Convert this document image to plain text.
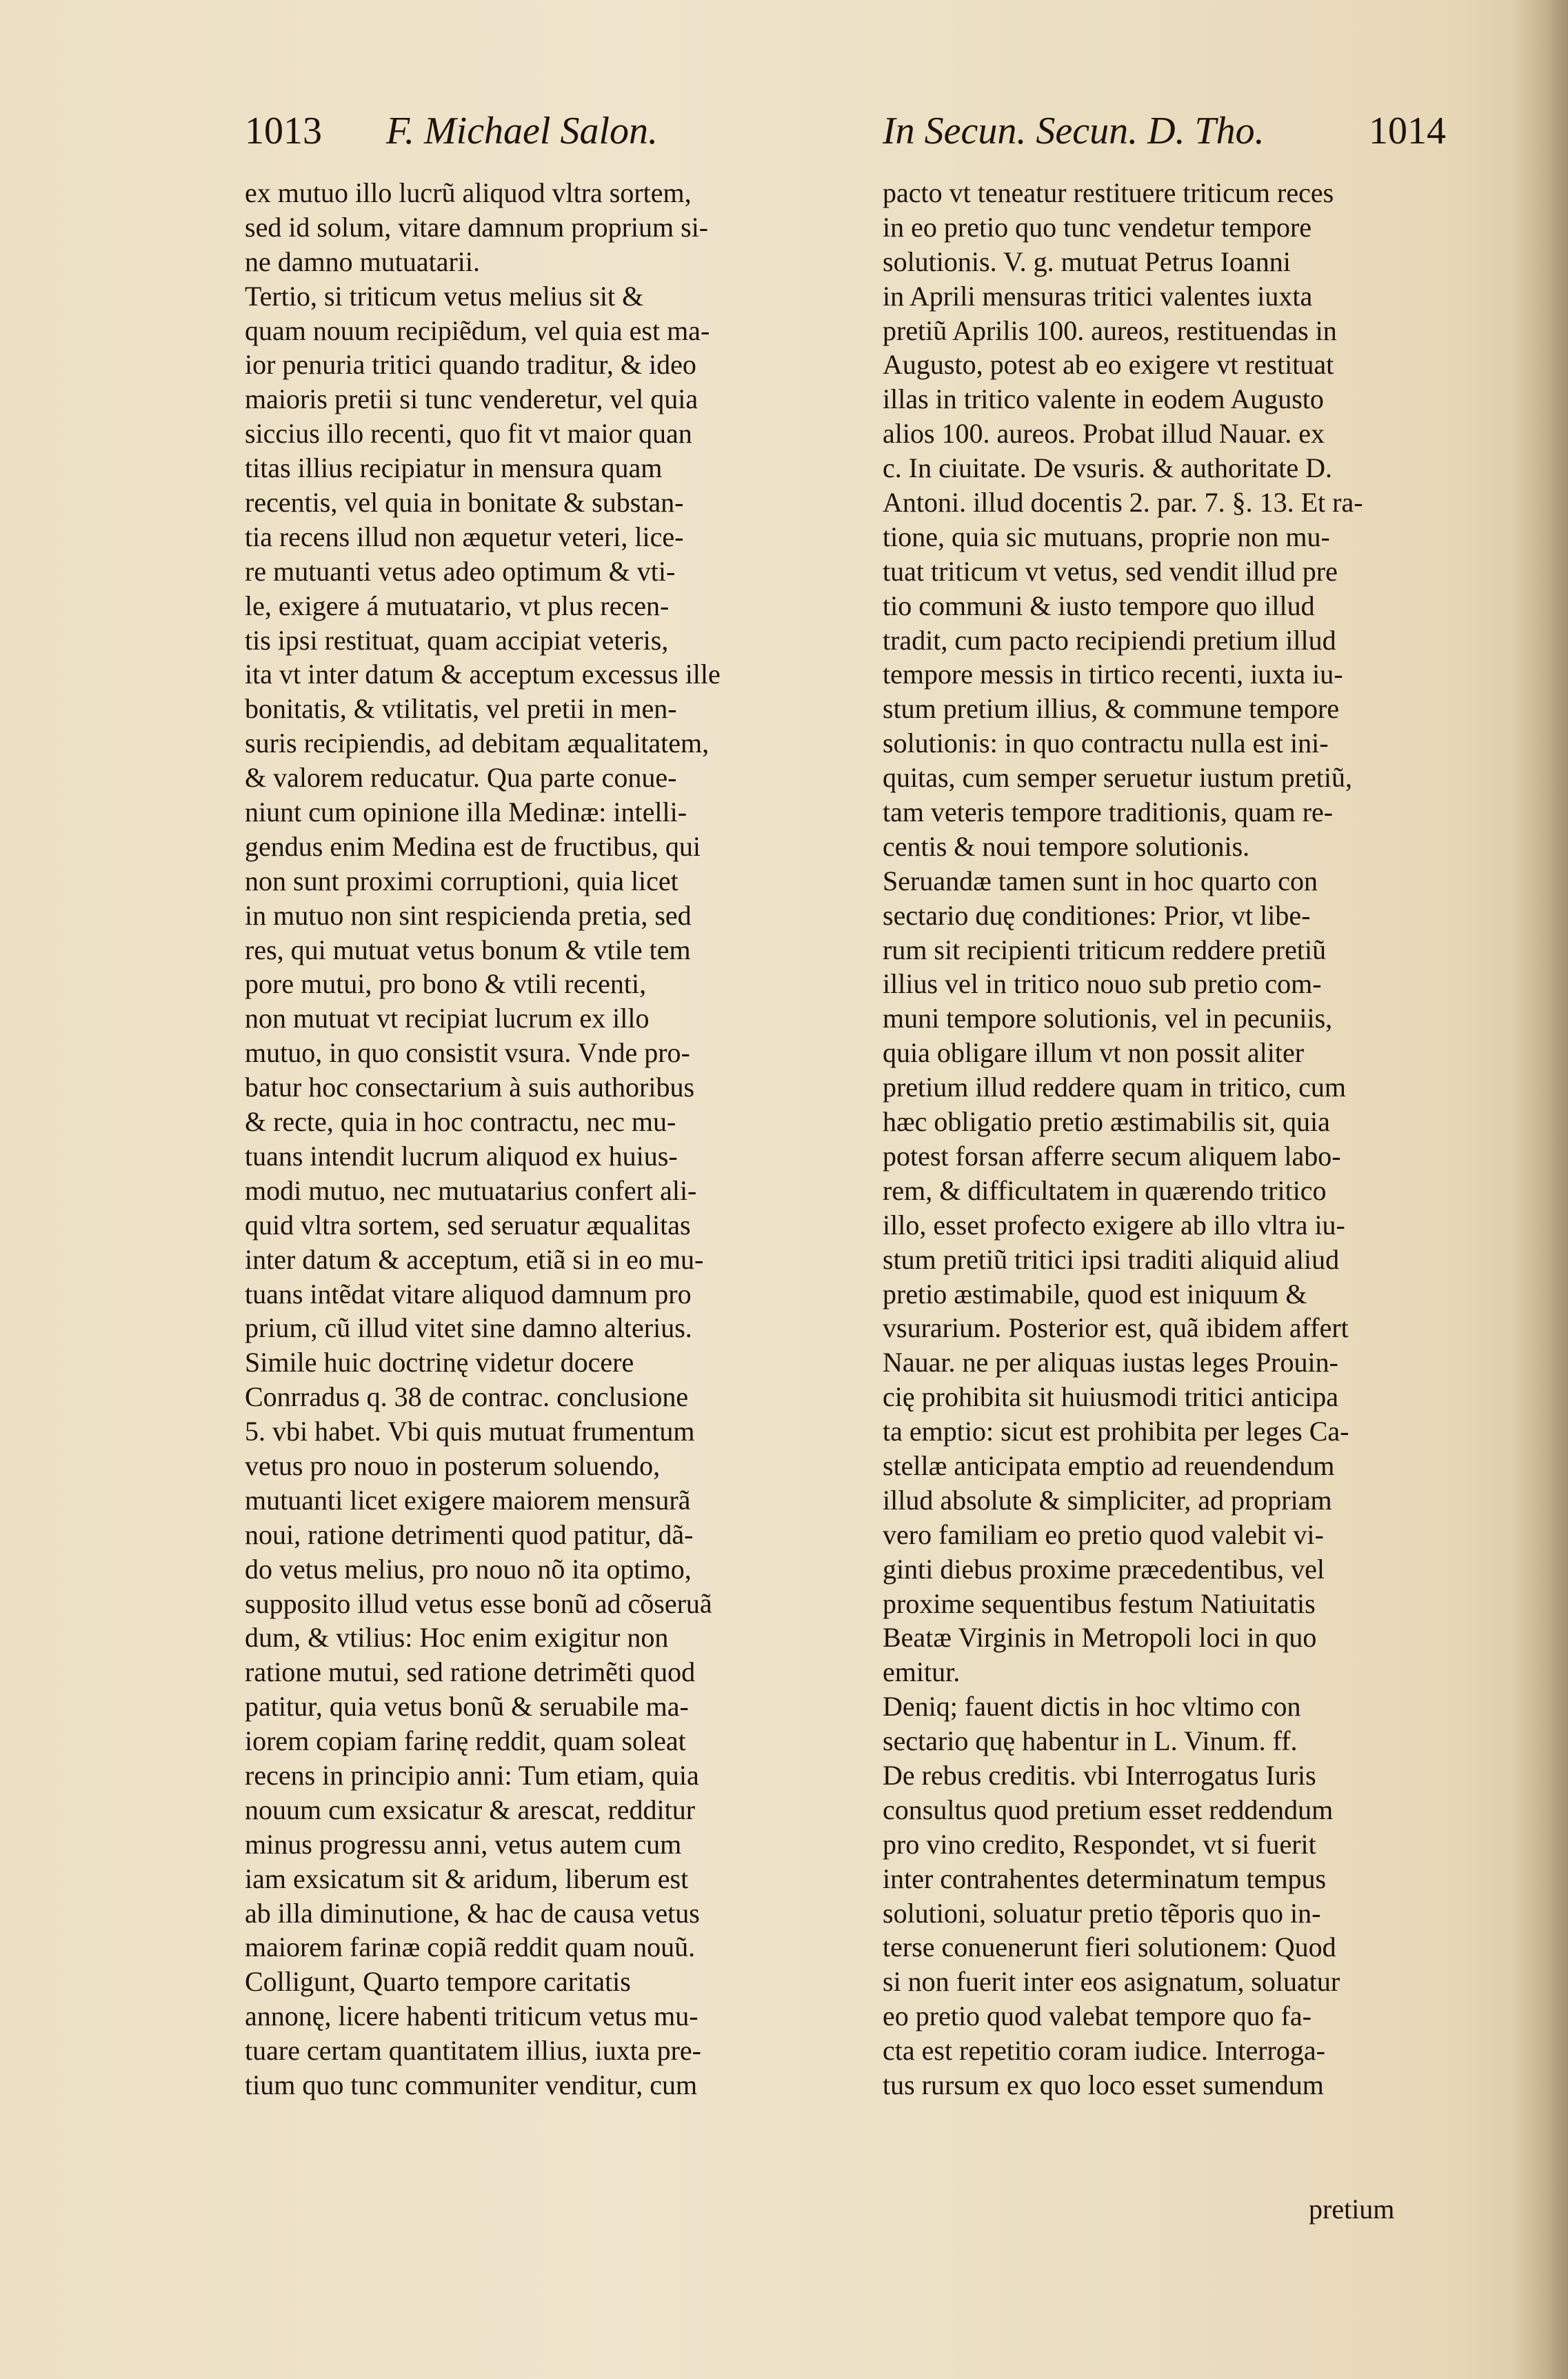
1013 F. Michael Salon.	In Secun. Secun. D. Tho.	1014
ex mutuo illo lucrũ aliquod vltra sortem,
sed id solum, vitare damnum proprium si-
ne damno mutuatarii.
Tertio, si triticum vetus melius sit &
quam nouum recipiẽdum, vel quia est ma-
ior penuria tritici quando traditur, & ideo
maioris pretii si tunc venderetur, vel quia
siccius illo recenti, quo fit vt maior quan
titas illius recipiatur in mensura quam
recentis, vel quia in bonitate & substan-
tia recens illud non æquetur veteri, lice-
re mutuanti vetus adeo optimum & vti-
le, exigere á mutuatario, vt plus recen-
tis ipsi restituat, quam accipiat veteris,
ita vt inter datum & acceptum excessus ille
bonitatis, & vtilitatis, vel pretii in men-
suris recipiendis, ad debitam æqualitatem,
& valorem reducatur. Qua parte conue-
niunt cum opinione illa Medinæ: intelli-
gendus enim Medina est de fructibus, qui
non sunt proximi corruptioni, quia licet
in mutuo non sint respicienda pretia, sed
res, qui mutuat vetus bonum & vtile tem
pore mutui, pro bono & vtili recenti,
non mutuat vt recipiat lucrum ex illo
mutuo, in quo consistit vsura. Vnde pro-
batur hoc consectarium à suis authoribus
& recte, quia in hoc contractu, nec mu-
tuans intendit lucrum aliquod ex huius-
modi mutuo, nec mutuatarius confert ali-
quid vltra sortem, sed seruatur æqualitas
inter datum & acceptum, etiã si in eo mu-
tuans intẽdat vitare aliquod damnum pro
prium, cũ illud vitet sine damno alterius.
Simile huic doctrinę videtur docere
Conrradus q. 38 de contrac. conclusione
5. vbi habet. Vbi quis mutuat frumentum
vetus pro nouo in posterum soluendo,
mutuanti licet exigere maiorem mensurã
noui, ratione detrimenti quod patitur, dã-
do vetus melius, pro nouo nõ ita optimo,
supposito illud vetus esse bonũ ad cõseruã
dum, & vtilius: Hoc enim exigitur non
ratione mutui, sed ratione detrimẽti quod
patitur, quia vetus bonũ & seruabile ma-
iorem copiam farinę reddit, quam soleat
recens in principio anni: Tum etiam, quia
nouum cum exsicatur & arescat, redditur
minus progressu anni, vetus autem cum
iam exsicatum sit & aridum, liberum est
ab illa diminutione, & hac de causa vetus
maiorem farinæ copiã reddit quam nouũ.
Colligunt, Quarto tempore caritatis
annonę, licere habenti triticum vetus mu-
tuare certam quantitatem illius, iuxta pre-
tium quo tunc communiter venditur, cum
pacto vt teneatur restituere triticum reces
in eo pretio quo tunc vendetur tempore
solutionis. V. g. mutuat Petrus Ioanni
in Aprili mensuras tritici valentes iuxta
pretiũ Aprilis 100. aureos, restituendas in
Augusto, potest ab eo exigere vt restituat
illas in tritico valente in eodem Augusto
alios 100. aureos. Probat illud Nauar. ex
c. In ciuitate. De vsuris. & authoritate D.
Antoni. illud docentis 2. par. 7. §. 13. Et ra-
tione, quia sic mutuans, proprie non mu-
tuat triticum vt vetus, sed vendit illud pre
tio communi & iusto tempore quo illud
tradit, cum pacto recipiendi pretium illud
tempore messis in tirtico recenti, iuxta iu-
stum pretium illius, & commune tempore
solutionis: in quo contractu nulla est ini-
quitas, cum semper seruetur iustum pretiũ,
tam veteris tempore traditionis, quam re-
centis & noui tempore solutionis.
Seruandæ tamen sunt in hoc quarto con
sectario duę conditiones: Prior, vt libe-
rum sit recipienti triticum reddere pretiũ
illius vel in tritico nouo sub pretio com-
muni tempore solutionis, vel in pecuniis,
quia obligare illum vt non possit aliter
pretium illud reddere quam in tritico, cum
hæc obligatio pretio æstimabilis sit, quia
potest forsan afferre secum aliquem labo-
rem, & difficultatem in quærendo tritico
illo, esset profecto exigere ab illo vltra iu-
stum pretiũ tritici ipsi traditi aliquid aliud
pretio æstimabile, quod est iniquum &
vsurarium. Posterior est, quã ibidem affert
Nauar. ne per aliquas iustas leges Prouin-
cię prohibita sit huiusmodi tritici anticipa
ta emptio: sicut est prohibita per leges Ca-
stellæ anticipata emptio ad reuendendum
illud absolute & simpliciter, ad propriam
vero familiam eo pretio quod valebit vi-
ginti diebus proxime præcedentibus, vel
proxime sequentibus festum Natiuitatis
Beatæ Virginis in Metropoli loci in quo
emitur.
Deniq; fauent dictis in hoc vltimo con
sectario quę habentur in L. Vinum. ff.
De rebus creditis. vbi Interrogatus Iuris
consultus quod pretium esset reddendum
pro vino credito, Respondet, vt si fuerit
inter contrahentes determinatum tempus
solutioni, soluatur pretio tẽporis quo in-
terse conuenerunt fieri solutionem: Quod
si non fuerit inter eos asignatum, soluatur
eo pretio quod valebat tempore quo fa-
cta est repetitio coram iudice. Interroga-
tus rursum ex quo loco esset sumendum
pretium
